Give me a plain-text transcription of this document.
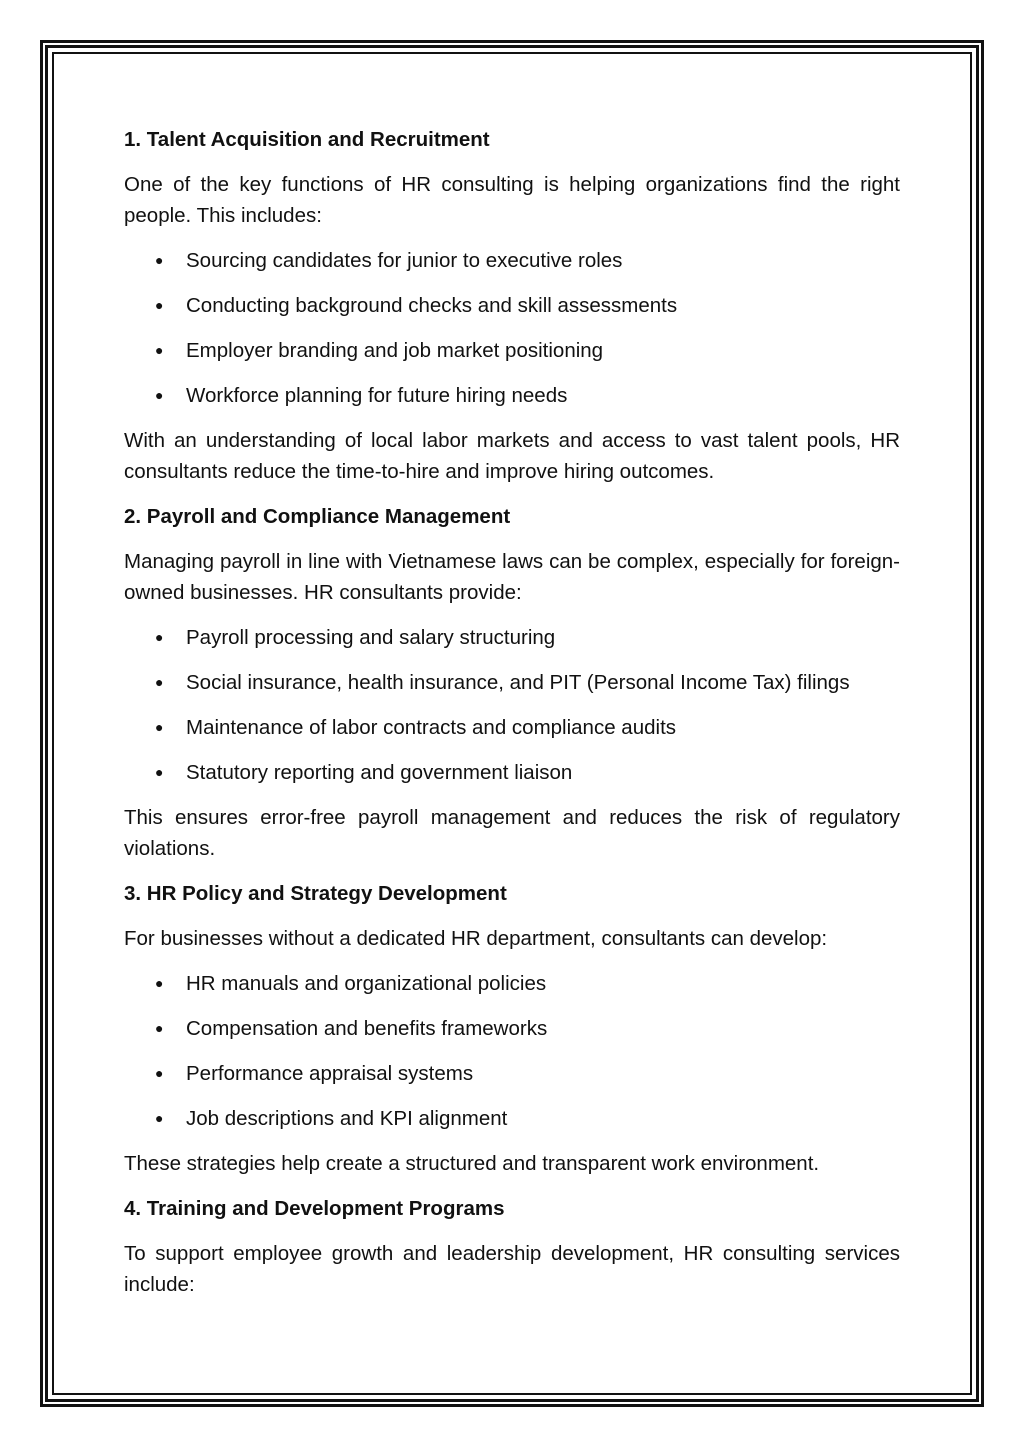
1. Talent Acquisition and Recruitment
One of the key functions of HR consulting is helping organizations find the right people. This includes:
● Sourcing candidates for junior to executive roles
● Conducting background checks and skill assessments
● Employer branding and job market positioning
● Workforce planning for future hiring needs
With an understanding of local labor markets and access to vast talent pools, HR consultants reduce the time-to-hire and improve hiring outcomes.
2. Payroll and Compliance Management
Managing payroll in line with Vietnamese laws can be complex, especially for foreign-owned businesses. HR consultants provide:
● Payroll processing and salary structuring
● Social insurance, health insurance, and PIT (Personal Income Tax) filings
● Maintenance of labor contracts and compliance audits
● Statutory reporting and government liaison
This ensures error-free payroll management and reduces the risk of regulatory violations.
3. HR Policy and Strategy Development
For businesses without a dedicated HR department, consultants can develop:
● HR manuals and organizational policies
● Compensation and benefits frameworks
● Performance appraisal systems
● Job descriptions and KPI alignment
These strategies help create a structured and transparent work environment.
4. Training and Development Programs
To support employee growth and leadership development, HR consulting services include:
